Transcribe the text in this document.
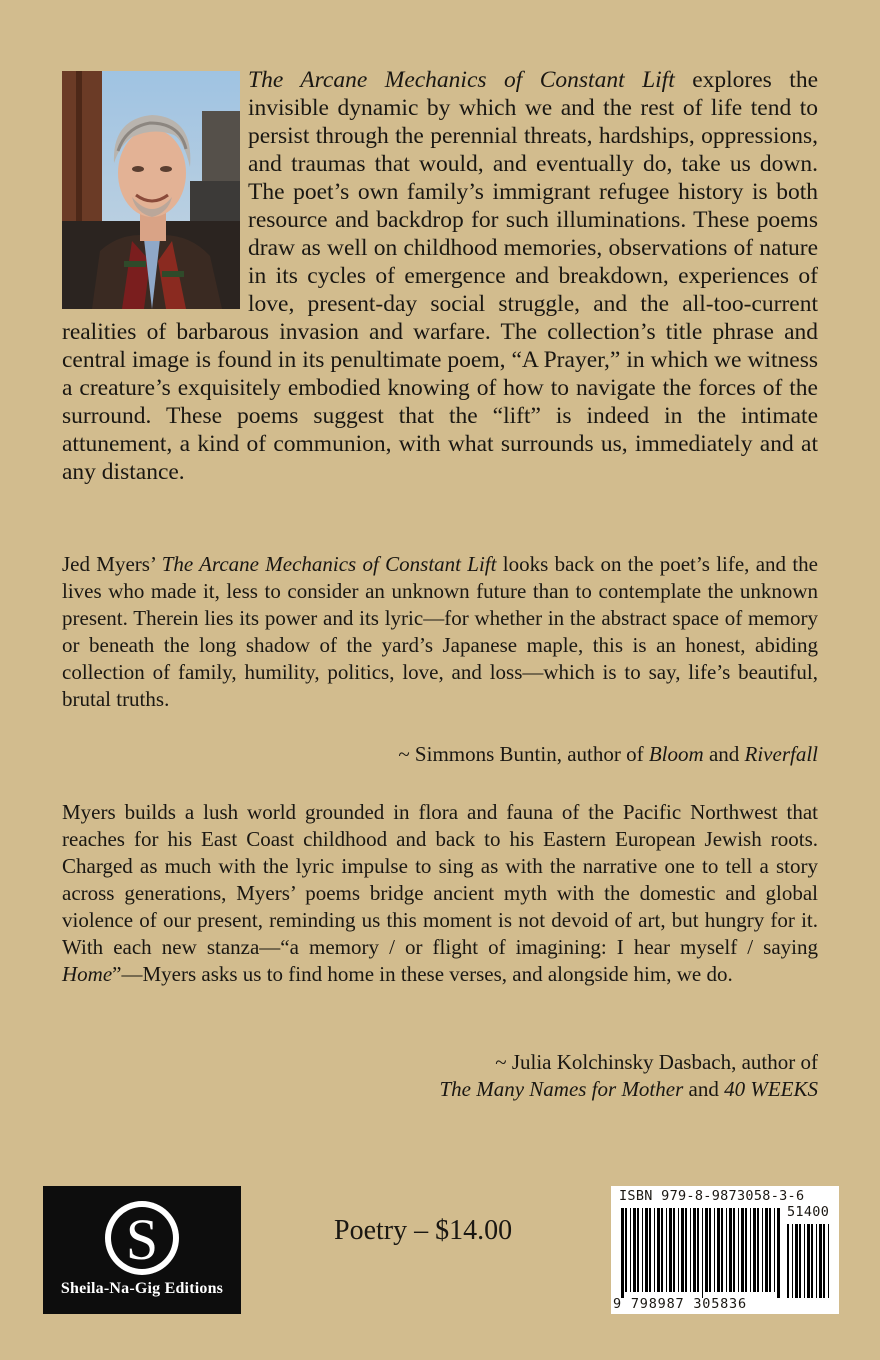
The Arcane Mechanics of Constant Lift explores the invisible dynamic by which we and the rest of life tend to persist through the perennial threats, hardships, oppressions, and traumas that would, and eventually do, take us down. The poet’s own family’s immigrant refugee history is both resource and backdrop for such illuminations. These poems draw as well on childhood memories, observations of nature in its cycles of emergence and breakdown, experiences of love, present-day social struggle, and the all-too-current realities of barbarous invasion and warfare. The collection’s title phrase and central image is found in its penultimate poem, “A Prayer,” in which we witness a creature’s exquisitely embodied knowing of how to navigate the forces of the surround. These poems suggest that the “lift” is indeed in the intimate attunement, a kind of communion, with what surrounds us, immediately and at any distance.

Jed Myers’ The Arcane Mechanics of Constant Lift looks back on the poet’s life, and the lives who made it, less to consider an unknown future than to contemplate the unknown present. Therein lies its power and its lyric—for whether in the abstract space of memory or beneath the long shadow of the yard’s Japanese maple, this is an honest, abiding collection of family, humility, politics, love, and loss—which is to say, life’s beautiful, brutal truths.

~ Simmons Buntin, author of Bloom and Riverfall

Myers builds a lush world grounded in flora and fauna of the Pacific Northwest that reaches for his East Coast childhood and back to his Eastern European Jewish roots. Charged as much with the lyric impulse to sing as with the narrative one to tell a story across generations, Myers’ poems bridge ancient myth with the domestic and global violence of our present, reminding us this moment is not devoid of art, but hungry for it. With each new stanza—“a memory / or flight of imagining: I hear myself / saying Home”—Myers asks us to find home in these verses, and alongside him, we do.

~ Julia Kolchinsky Dasbach, author of
The Many Names for Mother and 40 WEEKS
S
Sheila-Na-Gig Editions
Poetry – $14.00
ISBN 979-8-9873058-3-6
51400
9 798987 305836
